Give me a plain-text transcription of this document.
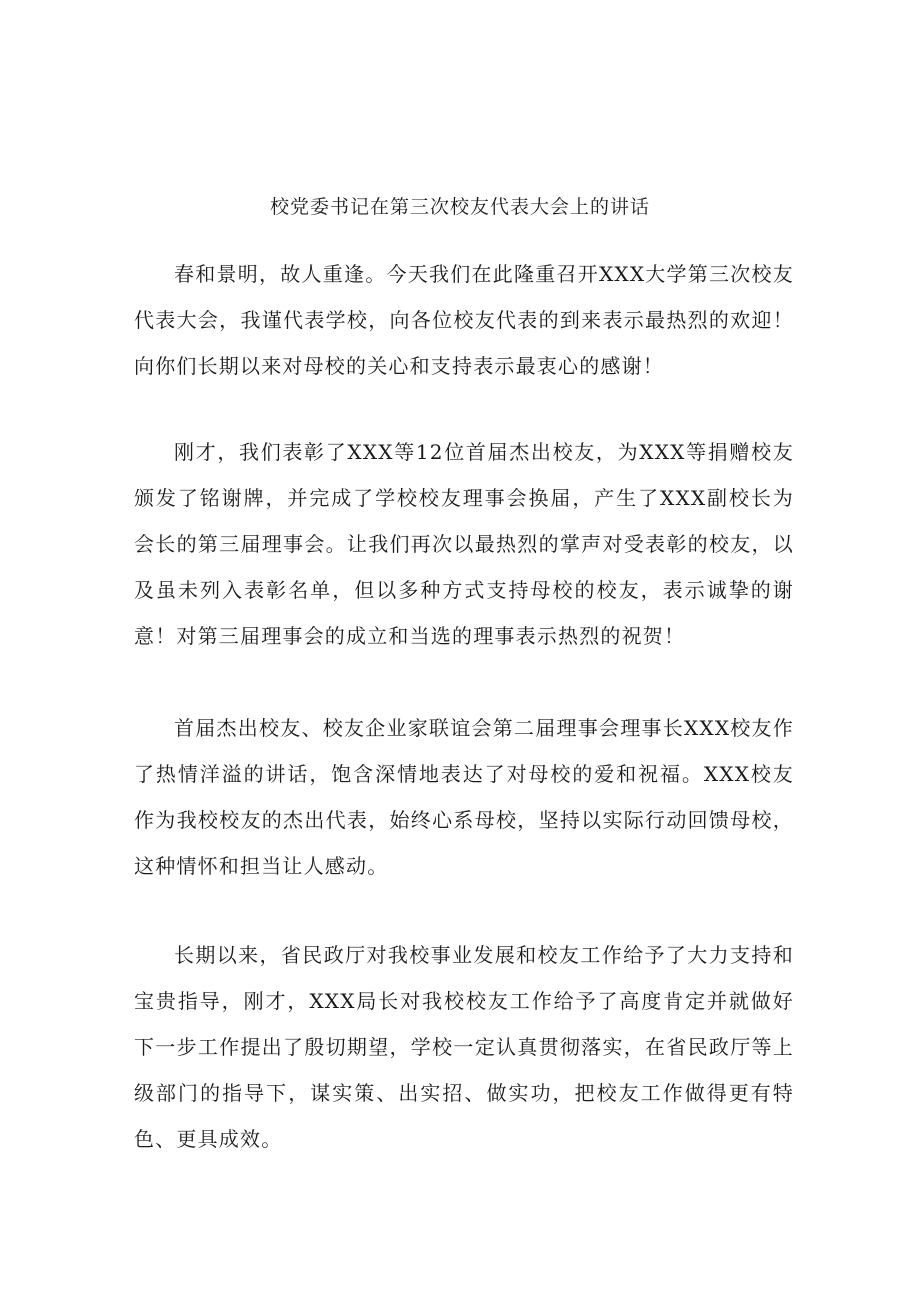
校党委书记在第三次校友代表大会上的讲话

春和景明，故人重逢。今天我们在此隆重召开XXX大学第三次校友代表大会，我谨代表学校，向各位校友代表的到来表示最热烈的欢迎！向你们长期以来对母校的关心和支持表示最衷心的感谢！

刚才，我们表彰了XXX等12位首届杰出校友，为XXX等捐赠校友颁发了铭谢牌，并完成了学校校友理事会换届，产生了XXX副校长为会长的第三届理事会。让我们再次以最热烈的掌声对受表彰的校友，以及虽未列入表彰名单，但以多种方式支持母校的校友，表示诚挚的谢意！对第三届理事会的成立和当选的理事表示热烈的祝贺！

首届杰出校友、校友企业家联谊会第二届理事会理事长XXX校友作了热情洋溢的讲话，饱含深情地表达了对母校的爱和祝福。XXX校友作为我校校友的杰出代表，始终心系母校，坚持以实际行动回馈母校，这种情怀和担当让人感动。

长期以来，省民政厅对我校事业发展和校友工作给予了大力支持和宝贵指导，刚才，XXX局长对我校校友工作给予了高度肯定并就做好下一步工作提出了殷切期望，学校一定认真贯彻落实，在省民政厅等上级部门的指导下，谋实策、出实招、做实功，把校友工作做得更有特色、更具成效。
